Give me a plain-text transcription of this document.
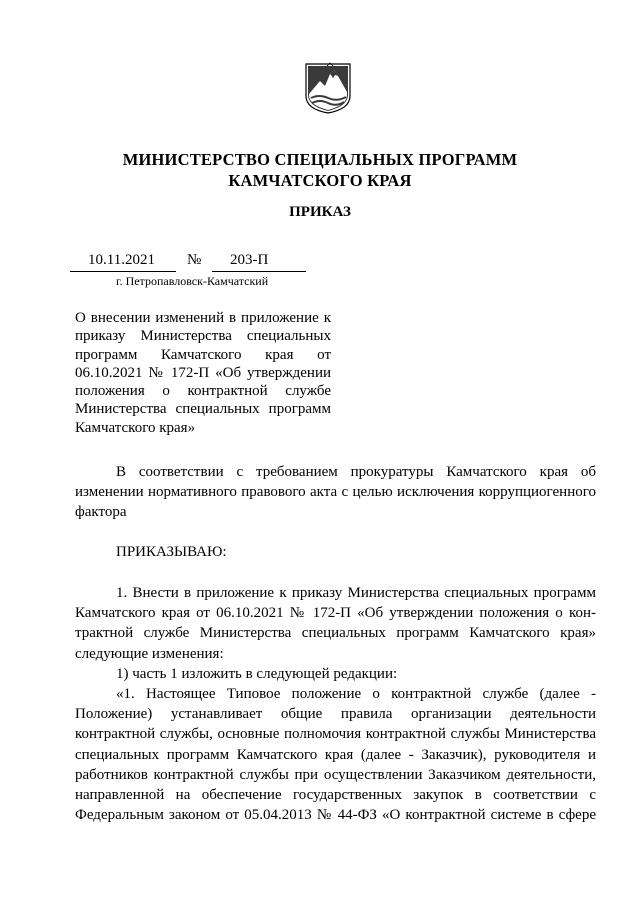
МИНИСТЕРСТВО СПЕЦИАЛЬНЫХ ПРОГРАММ
КАМЧАТСКОГО КРАЯ
ПРИКАЗ
10.11.2021 № 203-П
г. Петропавловск-Камчатский
О внесении изменений в приложение к
приказу Министерства специальных
программ Камчатского края от
06.10.2021 № 172-П «Об утверждении
положения о контрактной службе
Министерства специальных программ
Камчатского края»
В соответствии с требованием прокуратуры Камчатского края об
изменении нормативного правового акта с целью исключения коррупциогенного
фактора
ПРИКАЗЫВАЮ:
1. Внести в приложение к приказу Министерства специальных программ
Камчатского края от 06.10.2021 № 172-П «Об утверждении положения о кон-
трактной службе Министерства специальных программ Камчатского края»
следующие изменения:
1) часть 1 изложить в следующей редакции:
«1. Настоящее Типовое положение о контрактной службе (далее -
Положение) устанавливает общие правила организации деятельности
контрактной службы, основные полномочия контрактной службы Министерства
специальных программ Камчатского края (далее - Заказчик), руководителя и
работников контрактной службы при осуществлении Заказчиком деятельности,
направленной на обеспечение государственных закупок в соответствии с
Федеральным законом от 05.04.2013 № 44-ФЗ «О контрактной системе в сфере
